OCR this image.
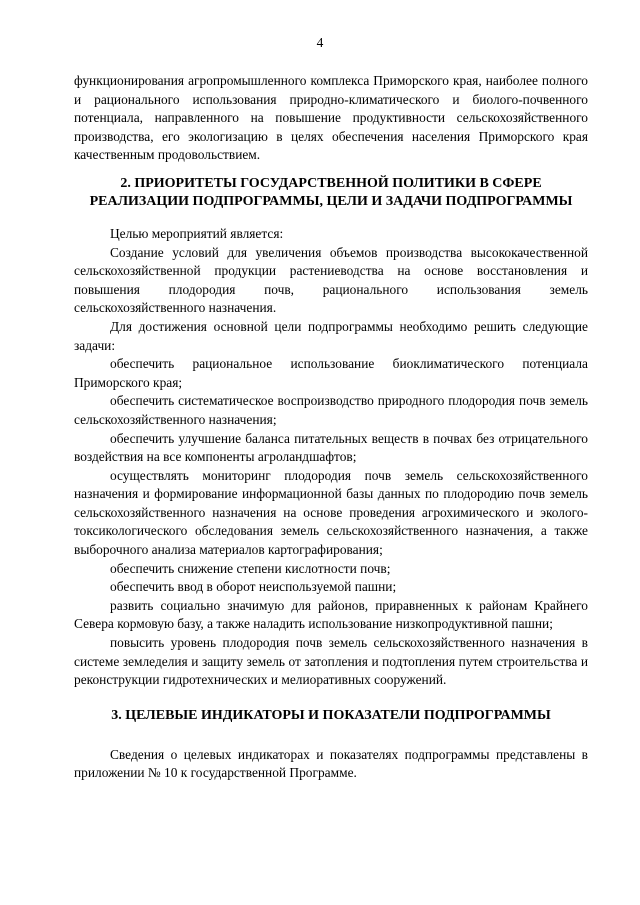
4

функционирования агропромышленного комплекса Приморского края, наиболее полного и рационального использования природно-климатического и биолого-почвенного потенциала, направленного на повышение продуктивности сельскохозяйственного производства, его экологизацию в целях обеспечения населения Приморского края качественным продовольствием.

2. ПРИОРИТЕТЫ ГОСУДАРСТВЕННОЙ ПОЛИТИКИ В СФЕРЕ РЕАЛИЗАЦИИ ПОДПРОГРАММЫ, ЦЕЛИ И ЗАДАЧИ ПОДПРОГРАММЫ

Целью мероприятий является:

Создание условий для увеличения объемов производства высококачественной сельскохозяйственной продукции растениеводства на основе восстановления и повышения плодородия почв, рационального использования земель сельскохозяйственного назначения.

Для достижения основной цели подпрограммы необходимо решить следующие задачи:

обеспечить рациональное использование биоклиматического потенциала Приморского края;

обеспечить систематическое воспроизводство природного плодородия почв земель сельскохозяйственного назначения;

обеспечить улучшение баланса питательных веществ в почвах без отрицательного воздействия на все компоненты агроландшафтов;

осуществлять мониторинг плодородия почв земель сельскохозяйственного назначения и формирование информационной базы данных по плодородию почв земель сельскохозяйственного назначения на основе проведения агрохимического и эколого-токсикологического обследования земель сельскохозяйственного назначения, а также выборочного анализа материалов картографирования;

обеспечить снижение степени кислотности почв;

обеспечить ввод в оборот неиспользуемой пашни;

развить социально значимую для районов, приравненных к районам Крайнего Севера кормовую базу, а также наладить использование низкопродуктивной пашни;

повысить уровень плодородия почв земель сельскохозяйственного назначения в системе земледелия и защиту земель от затопления и подтопления путем строительства и реконструкции гидротехнических и мелиоративных сооружений.

3. ЦЕЛЕВЫЕ ИНДИКАТОРЫ И ПОКАЗАТЕЛИ ПОДПРОГРАММЫ

Сведения о целевых индикаторах и показателях подпрограммы представлены в приложении № 10 к государственной Программе.
